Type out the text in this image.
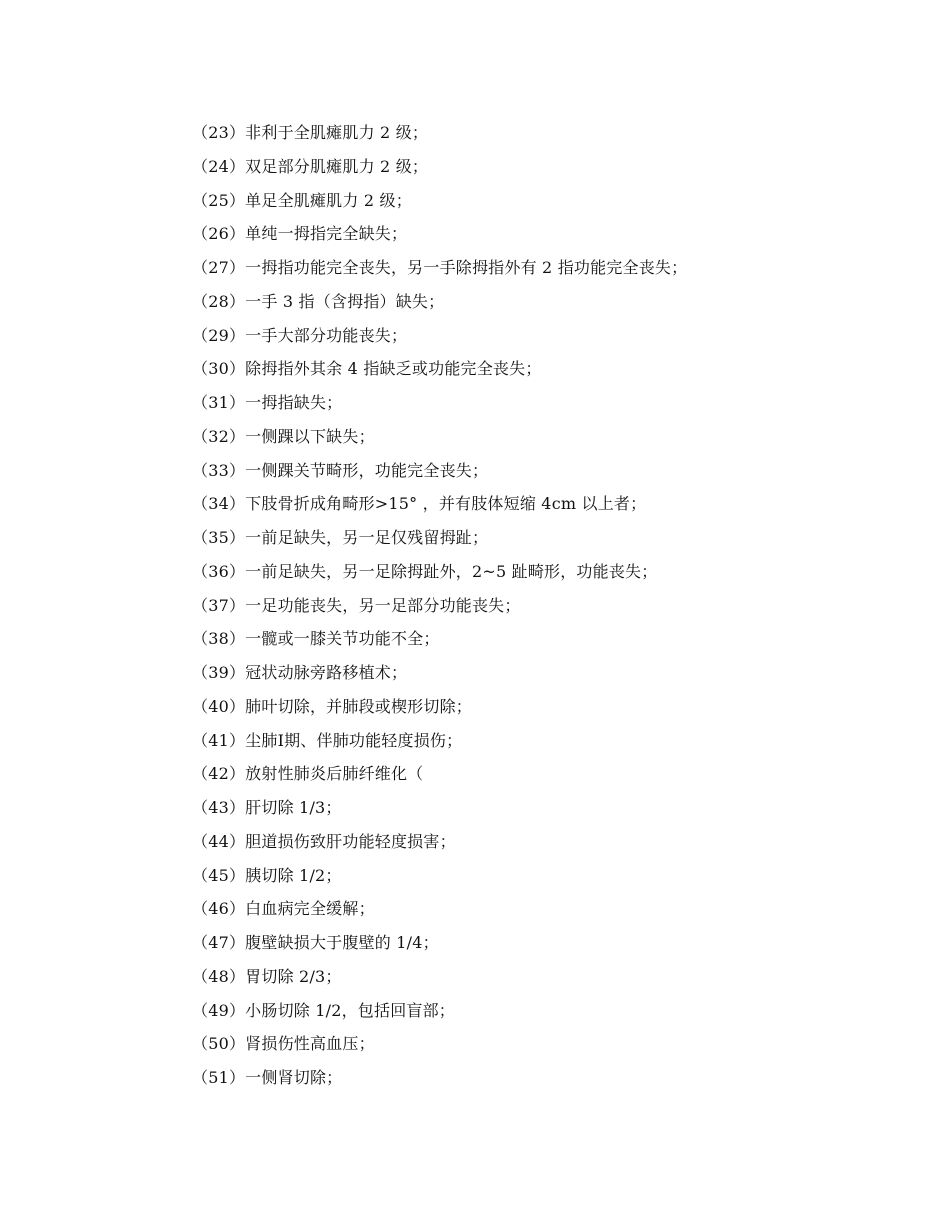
（23）非利于全肌瘫肌力 2 级；
（24）双足部分肌瘫肌力 2 级；
（25）单足全肌瘫肌力 2 级；
（26）单纯一拇指完全缺失；
（27）一拇指功能完全丧失，另一手除拇指外有 2 指功能完全丧失；
（28）一手 3 指（含拇指）缺失；
（29）一手大部分功能丧失；
（30）除拇指外其余 4 指缺乏或功能完全丧失；
（31）一拇指缺失；
（32）一侧踝以下缺失；
（33）一侧踝关节畸形，功能完全丧失；
（34）下肢骨折成角畸形>15° ，并有肢体短缩 4cm 以上者；
（35）一前足缺失，另一足仅残留拇趾；
（36）一前足缺失，另一足除拇趾外，2~5 趾畸形，功能丧失；
（37）一足功能丧失，另一足部分功能丧失；
（38）一髋或一膝关节功能不全；
（39）冠状动脉旁路移植术；
（40）肺叶切除，并肺段或楔形切除；
（41）尘肺Ⅰ期、伴肺功能轻度损伤；
（42）放射性肺炎后肺纤维化（
（43）肝切除 1/3；
（44）胆道损伤致肝功能轻度损害；
（45）胰切除 1/2；
（46）白血病完全缓解；
（47）腹壁缺损大于腹壁的 1/4；
（48）胃切除 2/3；
（49）小肠切除 1/2，包括回盲部；
（50）肾损伤性高血压；
（51）一侧肾切除；
